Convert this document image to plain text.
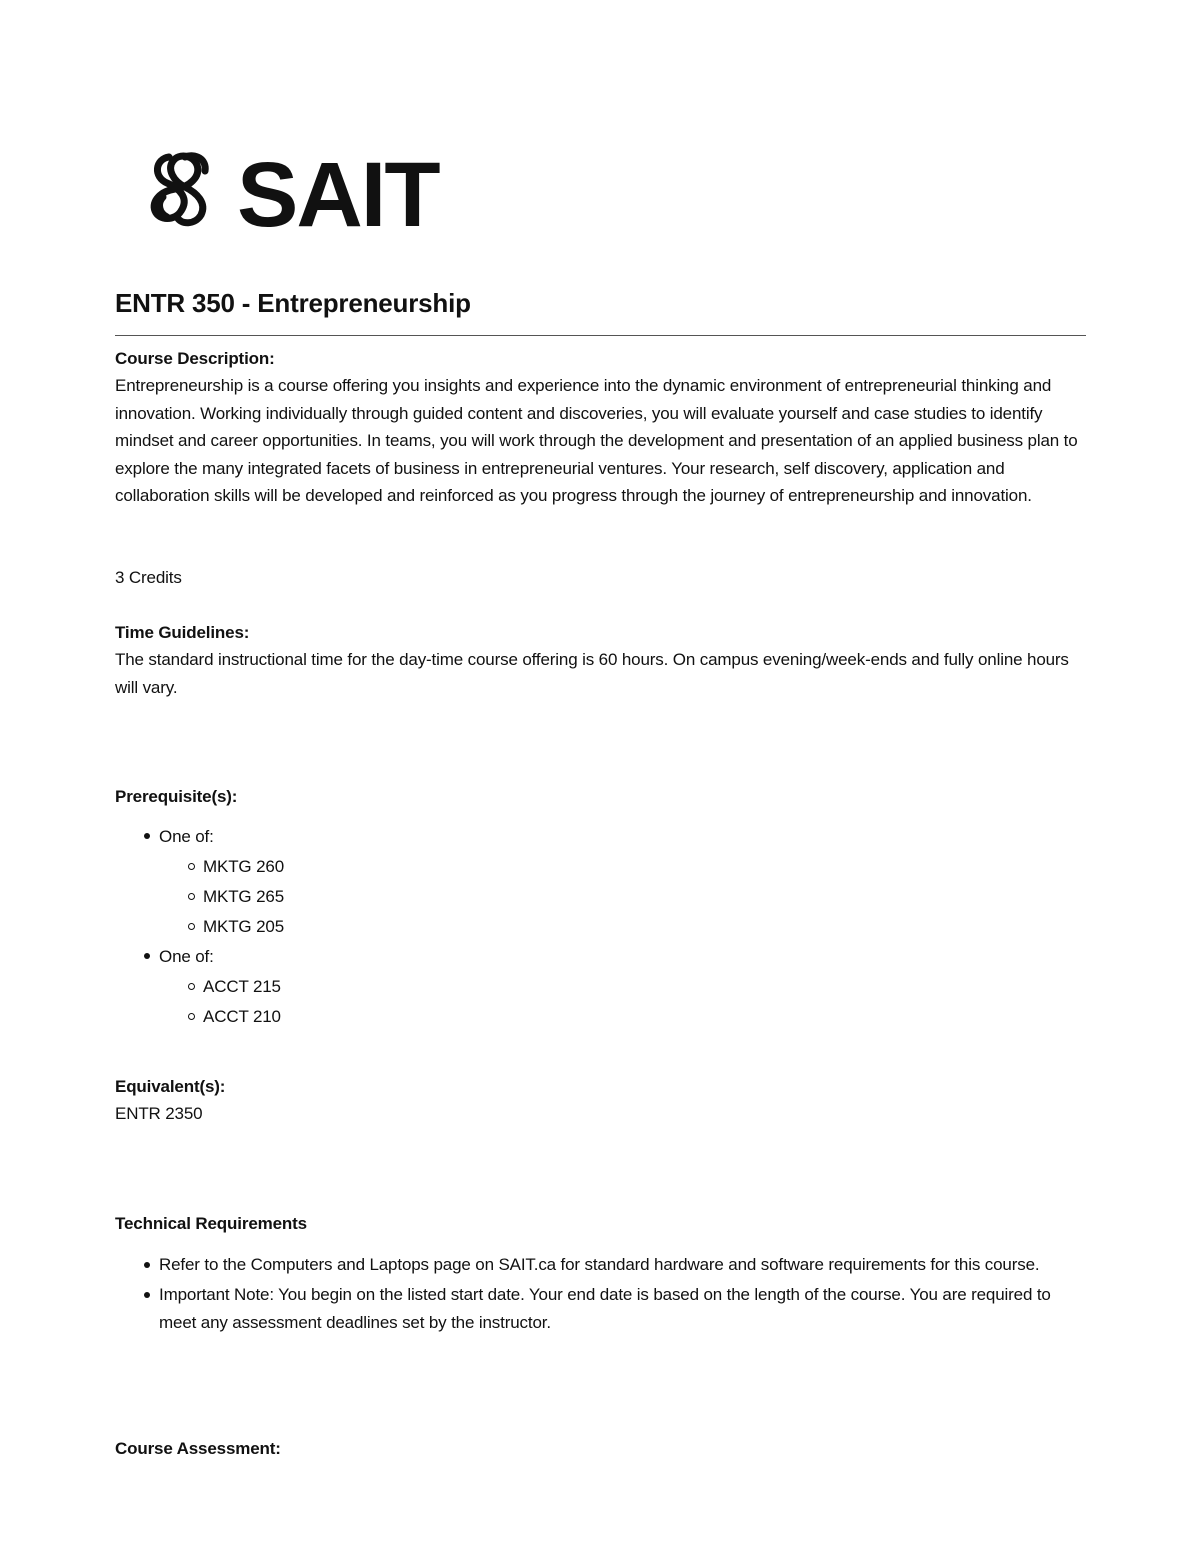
SAIT
ENTR 350 - Entrepreneurship
Course Description:

Entrepreneurship is a course offering you insights and experience into the dynamic environment of entrepreneurial thinking and innovation. Working individually through guided content and discoveries, you will evaluate yourself and case studies to identify mindset and career opportunities. In teams, you will work through the development and presentation of an applied business plan to explore the many integrated facets of business in entrepreneurial ventures. Your research, self discovery, application and collaboration skills will be developed and reinforced as you progress through the journey of entrepreneurship and innovation.

3 Credits

Time Guidelines:

The standard instructional time for the day-time course offering is 60 hours. On campus evening/week-ends and fully online hours will vary.

Prerequisite(s):
One of:
MKTG 260
MKTG 265
MKTG 205
One of:
ACCT 215
ACCT 210
Equivalent(s):

ENTR 2350

Technical Requirements
Refer to the Computers and Laptops page on SAIT.ca for standard hardware and software requirements for this course.
Important Note: You begin on the listed start date. Your end date is based on the length of the course. You are required to meet any assessment deadlines set by the instructor.
Course Assessment:
